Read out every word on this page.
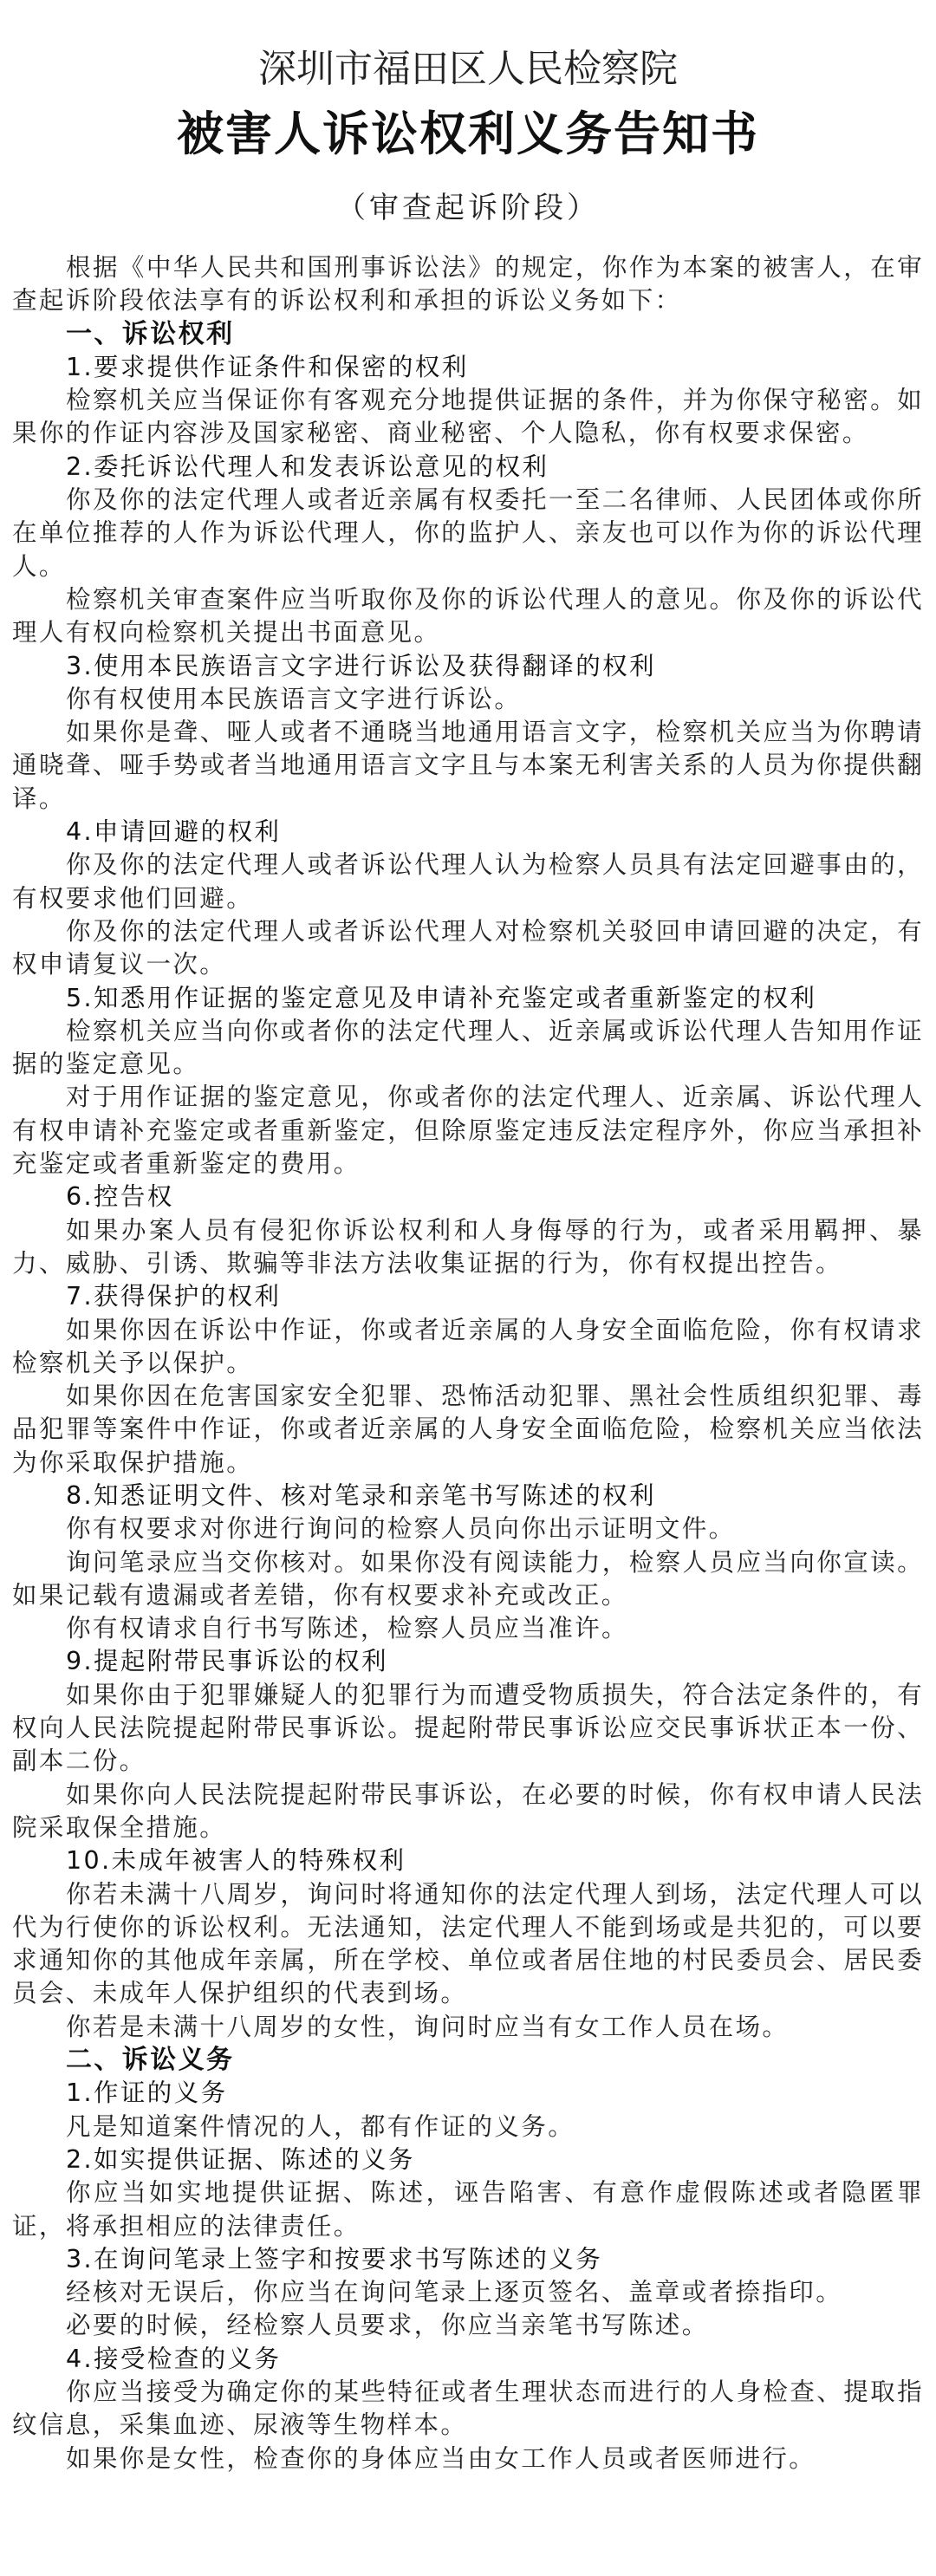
深圳市福田区人民检察院
被害人诉讼权利义务告知书
（审查起诉阶段）

根据《中华人民共和国刑事诉讼法》的规定，你作为本案的被害人，在审查起诉阶段依法享有的诉讼权利和承担的诉讼义务如下：

一、诉讼权利

1.要求提供作证条件和保密的权利

检察机关应当保证你有客观充分地提供证据的条件，并为你保守秘密。如果你的作证内容涉及国家秘密、商业秘密、个人隐私，你有权要求保密。

2.委托诉讼代理人和发表诉讼意见的权利

你及你的法定代理人或者近亲属有权委托一至二名律师、人民团体或你所在单位推荐的人作为诉讼代理人，你的监护人、亲友也可以作为你的诉讼代理人。

检察机关审查案件应当听取你及你的诉讼代理人的意见。你及你的诉讼代理人有权向检察机关提出书面意见。

3.使用本民族语言文字进行诉讼及获得翻译的权利

你有权使用本民族语言文字进行诉讼。

如果你是聋、哑人或者不通晓当地通用语言文字，检察机关应当为你聘请通晓聋、哑手势或者当地通用语言文字且与本案无利害关系的人员为你提供翻译。

4.申请回避的权利

你及你的法定代理人或者诉讼代理人认为检察人员具有法定回避事由的，有权要求他们回避。

你及你的法定代理人或者诉讼代理人对检察机关驳回申请回避的决定，有权申请复议一次。

5.知悉用作证据的鉴定意见及申请补充鉴定或者重新鉴定的权利

检察机关应当向你或者你的法定代理人、近亲属或诉讼代理人告知用作证据的鉴定意见。

对于用作证据的鉴定意见，你或者你的法定代理人、近亲属、诉讼代理人有权申请补充鉴定或者重新鉴定，但除原鉴定违反法定程序外，你应当承担补充鉴定或者重新鉴定的费用。

6.控告权

如果办案人员有侵犯你诉讼权利和人身侮辱的行为，或者采用羁押、暴力、威胁、引诱、欺骗等非法方法收集证据的行为，你有权提出控告。

7.获得保护的权利

如果你因在诉讼中作证，你或者近亲属的人身安全面临危险，你有权请求检察机关予以保护。

如果你因在危害国家安全犯罪、恐怖活动犯罪、黑社会性质组织犯罪、毒品犯罪等案件中作证，你或者近亲属的人身安全面临危险，检察机关应当依法为你采取保护措施。

8.知悉证明文件、核对笔录和亲笔书写陈述的权利

你有权要求对你进行询问的检察人员向你出示证明文件。

询问笔录应当交你核对。如果你没有阅读能力，检察人员应当向你宣读。如果记载有遗漏或者差错，你有权要求补充或改正。

你有权请求自行书写陈述，检察人员应当准许。

9.提起附带民事诉讼的权利

如果你由于犯罪嫌疑人的犯罪行为而遭受物质损失，符合法定条件的，有权向人民法院提起附带民事诉讼。提起附带民事诉讼应交民事诉状正本一份、副本二份。

如果你向人民法院提起附带民事诉讼，在必要的时候，你有权申请人民法院采取保全措施。

10.未成年被害人的特殊权利

你若未满十八周岁，询问时将通知你的法定代理人到场，法定代理人可以代为行使你的诉讼权利。无法通知，法定代理人不能到场或是共犯的，可以要求通知你的其他成年亲属，所在学校、单位或者居住地的村民委员会、居民委员会、未成年人保护组织的代表到场。

你若是未满十八周岁的女性，询问时应当有女工作人员在场。

二、诉讼义务

1.作证的义务

凡是知道案件情况的人，都有作证的义务。

2.如实提供证据、陈述的义务

你应当如实地提供证据、陈述，诬告陷害、有意作虚假陈述或者隐匿罪证，将承担相应的法律责任。

3.在询问笔录上签字和按要求书写陈述的义务

经核对无误后，你应当在询问笔录上逐页签名、盖章或者捺指印。

必要的时候，经检察人员要求，你应当亲笔书写陈述。

4.接受检查的义务

你应当接受为确定你的某些特征或者生理状态而进行的人身检查、提取指纹信息，采集血迹、尿液等生物样本。

如果你是女性，检查你的身体应当由女工作人员或者医师进行。
